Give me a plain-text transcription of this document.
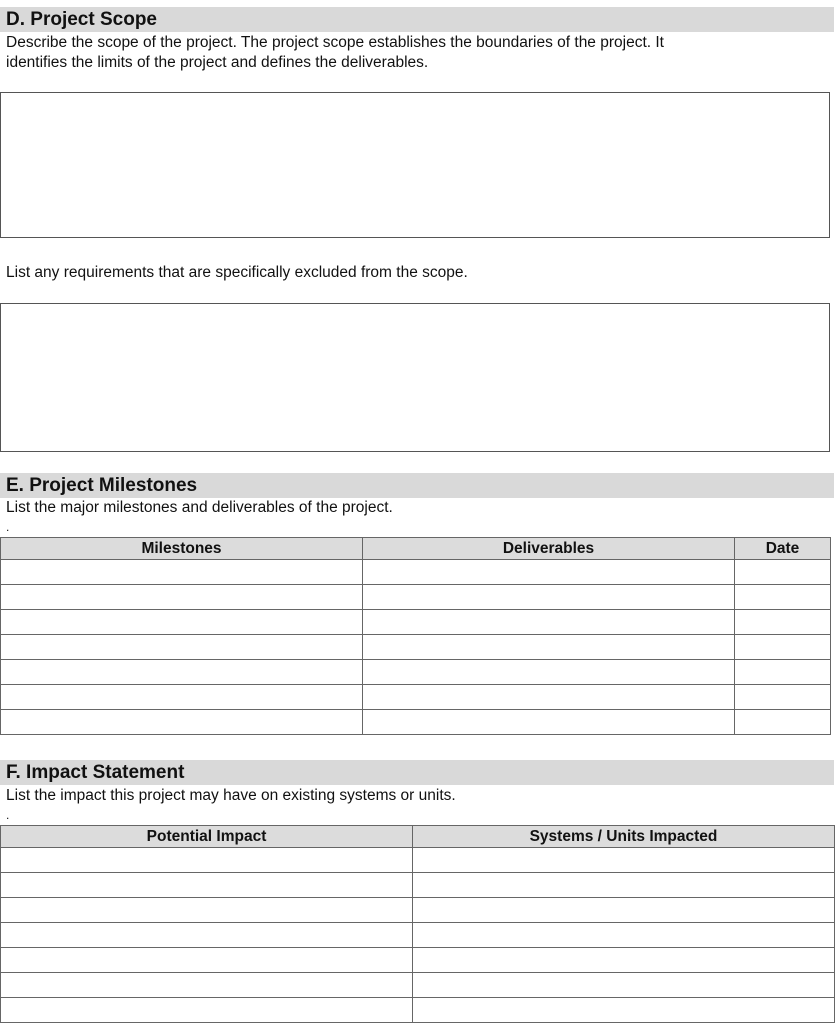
D. Project Scope
Describe the scope of the project. The project scope establishes the boundaries of the project. It
identifies the limits of the project and defines the deliverables.
List any requirements that are specifically excluded from the scope.
E. Project Milestones
List the major milestones and deliverables of the project.
.
Milestones	Deliverables	Date

F. Impact Statement
List the impact this project may have on existing systems or units.
.
Potential Impact	Systems / Units Impacted
